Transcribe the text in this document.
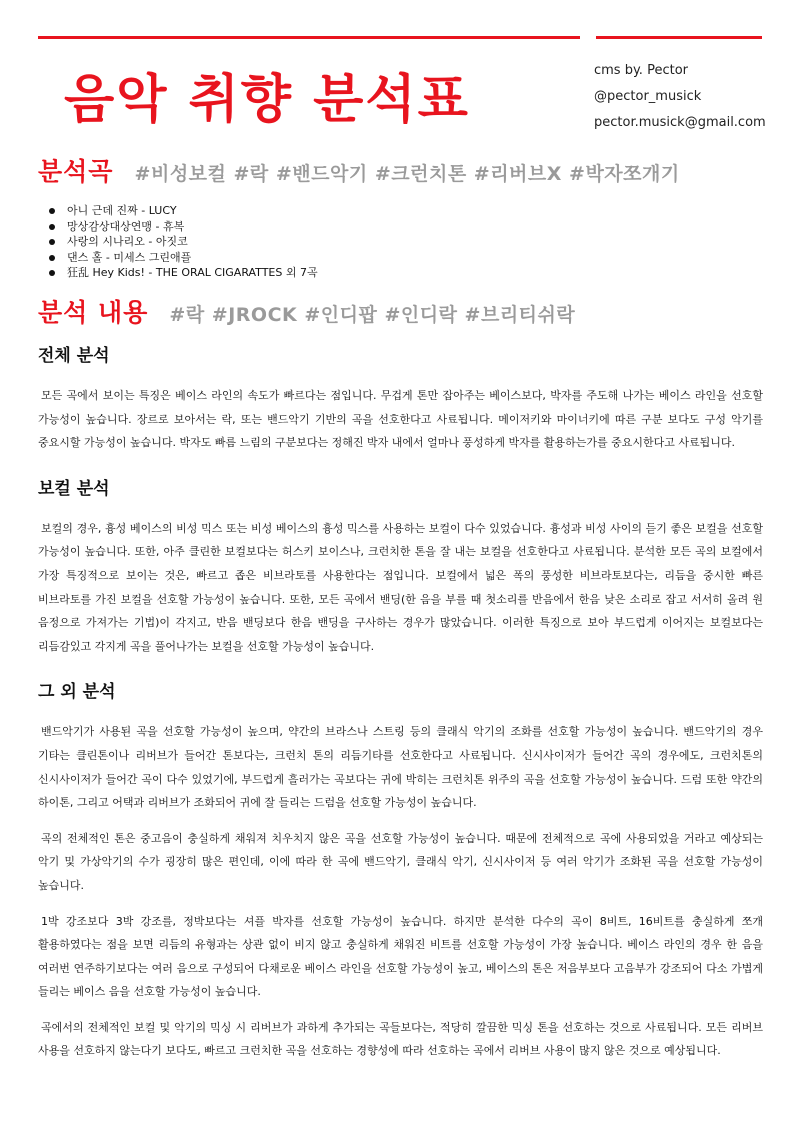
음악 취향 분석표	cms by. Pector
@pector_musick
pector.musick@gmail.com
분석곡 #비성보컬 #락 #밴드악기 #크런치톤 #리버브X #박자쪼개기
아니 근데 진짜 - LUCY
망상감상대상연맹 - 휴복
사랑의 시나리오 - 아짓코
댄스 홀 - 미세스 그린애플
狂乱 Hey Kids! - THE ORAL CIGARATTES 외 7곡
분석 내용 #락 #JROCK #인디팝 #인디락 #브리티쉬락
전체 분석

모든 곡에서 보이는 특징은 베이스 라인의 속도가 빠르다는 점입니다. 무겁게 톤만 잡아주는 베이스보다, 박자를 주도해 나가는 베이스 라인을 선호할 가능성이 높습니다. 장르로 보아서는 락, 또는 밴드악기 기반의 곡을 선호한다고 사료됩니다. 메이저키와 마이너키에 따른 구분 보다도 구성 악기를 중요시할 가능성이 높습니다. 박자도 빠름 느림의 구분보다는 정해진 박자 내에서 얼마나 풍성하게 박자를 활용하는가를 중요시한다고 사료됩니다.

보컬 분석

보컬의 경우, 흉성 베이스의 비성 믹스 또는 비성 베이스의 흉성 믹스를 사용하는 보컬이 다수 있었습니다. 흉성과 비성 사이의 듣기 좋은 보컬을 선호할 가능성이 높습니다. 또한, 아주 클린한 보컬보다는 허스키 보이스나, 크런치한 톤을 잘 내는 보컬을 선호한다고 사료됩니다. 분석한 모든 곡의 보컬에서 가장 특징적으로 보이는 것은, 빠르고 좁은 비브라토를 사용한다는 점입니다. 보컬에서 넓은 폭의 풍성한 비브라토보다는, 리듬을 중시한 빠른 비브라토를 가진 보컬을 선호할 가능성이 높습니다. 또한, 모든 곡에서 밴딩(한 음을 부를 때 첫소리를 반음에서 한음 낮은 소리로 잡고 서서히 올려 원 음정으로 가져가는 기법)이 각지고, 반음 밴딩보다 한음 밴딩을 구사하는 경우가 많았습니다. 이러한 특징으로 보아 부드럽게 이어지는 보컬보다는 리듬감있고 각지게 곡을 풀어나가는 보컬을 선호할 가능성이 높습니다.

그 외 분석

밴드악기가 사용된 곡을 선호할 가능성이 높으며, 약간의 브라스나 스트링 등의 클래식 악기의 조화를 선호할 가능성이 높습니다. 밴드악기의 경우 기타는 클린톤이나 리버브가 들어간 톤보다는, 크런치 톤의 리듬기타를 선호한다고 사료됩니다. 신시사이저가 들어간 곡의 경우에도, 크런치톤의 신시사이저가 들어간 곡이 다수 있었기에, 부드럽게 흘러가는 곡보다는 귀에 박히는 크런치톤 위주의 곡을 선호할 가능성이 높습니다. 드럼 또한 약간의 하이톤, 그리고 어택과 리버브가 조화되어 귀에 잘 들리는 드럼을 선호할 가능성이 높습니다.

곡의 전체적인 톤은 중고음이 충실하게 채워져 치우치지 않은 곡을 선호할 가능성이 높습니다. 때문에 전체적으로 곡에 사용되었을 거라고 예상되는 악기 및 가상악기의 수가 굉장히 많은 편인데, 이에 따라 한 곡에 밴드악기, 클래식 악기, 신시사이저 등 여러 악기가 조화된 곡을 선호할 가능성이 높습니다.

1박 강조보다 3박 강조를, 정박보다는 셔플 박자를 선호할 가능성이 높습니다. 하지만 분석한 다수의 곡이 8비트, 16비트를 충실하게 쪼개 활용하였다는 점을 보면 리듬의 유형과는 상관 없이 비지 않고 충실하게 채워진 비트를 선호할 가능성이 가장 높습니다. 베이스 라인의 경우 한 음을 여러번 연주하기보다는 여러 음으로 구성되어 다채로운 베이스 라인을 선호할 가능성이 높고, 베이스의 톤은 저음부보다 고음부가 강조되어 다소 가볍게 들리는 베이스 음을 선호할 가능성이 높습니다.

곡에서의 전체적인 보컬 및 악기의 믹싱 시 리버브가 과하게 추가되는 곡들보다는, 적당히 깔끔한 믹싱 톤을 선호하는 것으로 사료됩니다. 모든 리버브 사용을 선호하지 않는다기 보다도, 빠르고 크런치한 곡을 선호하는 경향성에 따라 선호하는 곡에서 리버브 사용이 많지 않은 것으로 예상됩니다.
